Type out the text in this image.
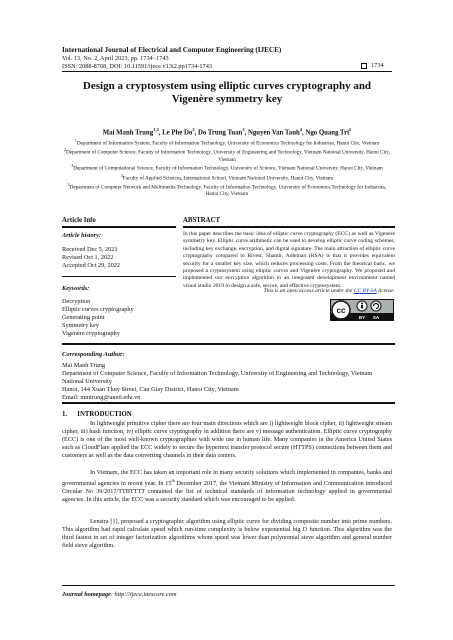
International Journal of Electrical and Computer Engineering (IJECE)
Vol. 13, No. 2, April 2023, pp. 1734~1743
ISSN: 2088-8708, DOI: 10.11591/ijece.v13i2.pp1734-1743	1734
Design a cryptosystem using elliptic curves cryptography and Vigenère symmetry key
Mai Manh Trung$^{1,2}$, Le Phe Do$^2$, Do Trung Tuan$^3$, Nguyen Van Tanh$^4$, Ngo Quang Tri$^5$
$^1$Department of Information System, Faculty of Information Technology, University of Economics Technology for Industries, Hanoi City, Vietnam
$^2$Department of Computer Science, Faculty of Information Technology, University of Engineering and Technology, Vietnam National University, Hanoi City, Vietnam
$^3$Department of Computational Science, Faculty of Information Technology, University of Science, Vietnam National University, Hanoi City, Vietnam
$^4$Faculty of Applied Sciences, International School, Vietnam National University, Hanoi City, Vietnam
$^5$Department of Computer Network and Multimedia Technology, Faculty of Information Technology, University of Economics Technology for Industries, Hanoi City, Vietnam
Article Info
Article history:
Received Dec 5, 2021
Revised Oct 1, 2022
Accepted Oct 29, 2022
Keywords:
Decryption
Elliptic curves cryptography
Generating point
Symmetry key
Vigenère cryptography
ABSTRACT
In this paper describes the basic idea of elliptic curve cryptography (ECC) as well as Vigenère symmetry key. Elliptic curve arithmetic can be used to develop elliptic curve coding schemes, including key exchange, encryption, and digital signature. The main attraction of elliptic curve cryptography compared to Rivest, Shamir, Adleman (RSA) is that it provides equivalent security for a smaller key size, which reduces processing costs. From the theorical basic, we proposed a cryptosystem using elliptic curves and Vigenère cryptography. We proposed and implemented our encryption algorithm in an integrated development environment named visual studio 2019 to design a safe, secure, and effective cryptosystem.
This is an open access article under the CC BY-SA license.
cc
BY SA
Corresponding Author:
Mai Manh Trung
Department of Computer Science, Faculty of Information Technology, University of Engineering and Technology, Vietnam National University
Hanoi, 144 Xuan Thuy Street, Cau Giay District, Hanoi City, Vietnam
Email: mmtrung@uneti.edu.vn
1.      INTRODUCTION
In lightweight primitive cipher there are four main directions which are i) lightweight block cipher, ii) lightweight stream cipher, iii) hash function, iv) elliptic curve cryptography in addition there are v) message authentication. Elliptic curve cryptography (ECC) is one of the most well-known cryptographies with wide use in human life. Many companies in the America United States such as CloudFlare applied the ECC widely to secure the hypertext transfer protocol secure (HTTPS) connections between them and customers as well as the data converting channels in their data centers.
In Vietnam, the ECC has taken an important role in many security solutions which implemented in companies, banks and governmental agencies in recent year. In 15th December 2017, the Vietnam Ministry of Information and Communication introduced Circular No 39/2017/TTBTTTT contained the list of technical standards of information technology applied in governmental agencies. In this article, the ECC was a security standard which was encouraged to be applied.
Lenstra [1], proposed a cryptographic algorithm using elliptic curve for dividing composite number into prime numbers. This algorithm had rapid calculate speed which run-time complexity is below exponential big O function. This algorithm was the third fastest in set of integer factorization algorithms whom speed was lower than polynomial sieve algorithm and general number field sieve algorithm.
Journal homepage: http://ijece.iaescore.com
